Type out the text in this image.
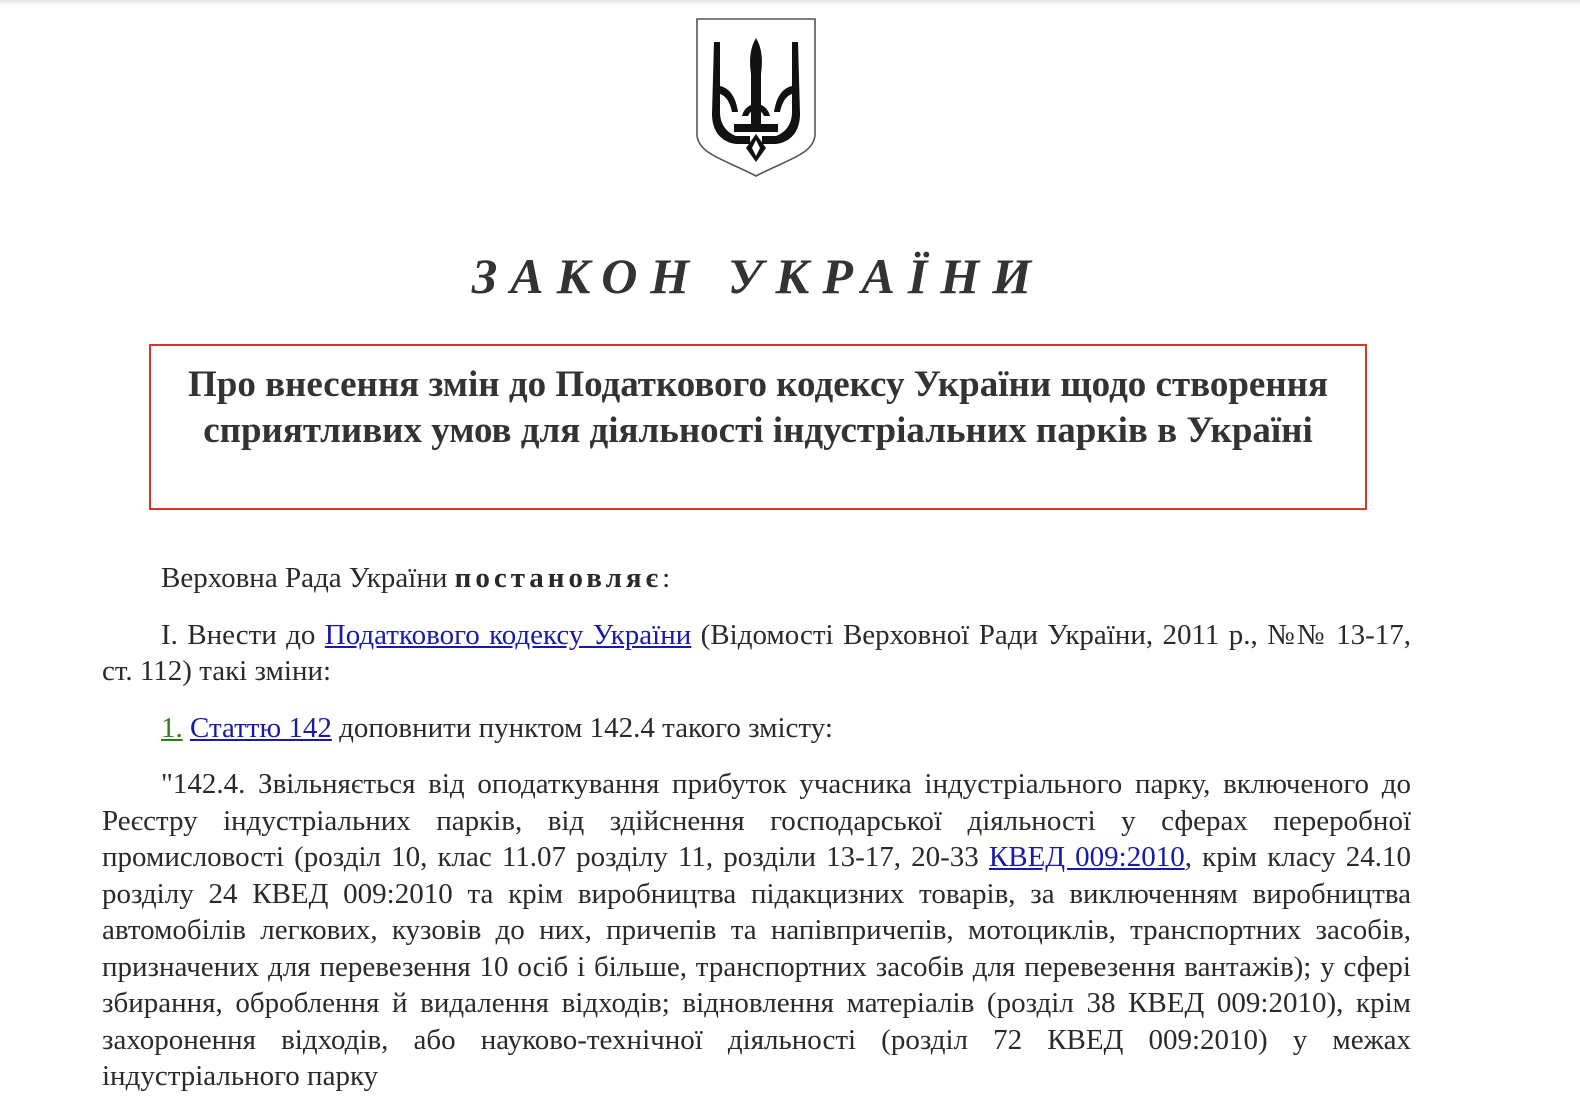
ЗАКОН УКРАЇНИ
Про внесення змін до Податкового кодексу України щодо створення сприятливих умов для діяльності індустріальних парків в Україні

Верховна Рада України постановляє:

I. Внести до Податкового кодексу України (Відомості Верховної Ради України, 2011 р., №№ 13-17, ст. 112) такі зміни:

1. Статтю 142 доповнити пунктом 142.4 такого змісту:

"142.4. Звільняється від оподаткування прибуток учасника індустріального парку, включеного до Реєстру індустріальних парків, від здійснення господарської діяльності у сферах переробної промисловості (розділ 10, клас 11.07 розділу 11, розділи 13-17, 20-33 КВЕД 009:2010, крім класу 24.10 розділу 24 КВЕД 009:2010 та крім виробництва підакцизних товарів, за виключенням виробництва автомобілів легкових, кузовів до них, причепів та напівпричепів, мотоциклів, транспортних засобів, призначених для перевезення 10 осіб і більше, транспортних засобів для перевезення вантажів); у сфері збирання, оброблення й видалення відходів; відновлення матеріалів (розділ 38 КВЕД 009:2010), крім захоронення відходів, або науково-технічної діяльності (розділ 72 КВЕД 009:2010) у межах індустріального парку
